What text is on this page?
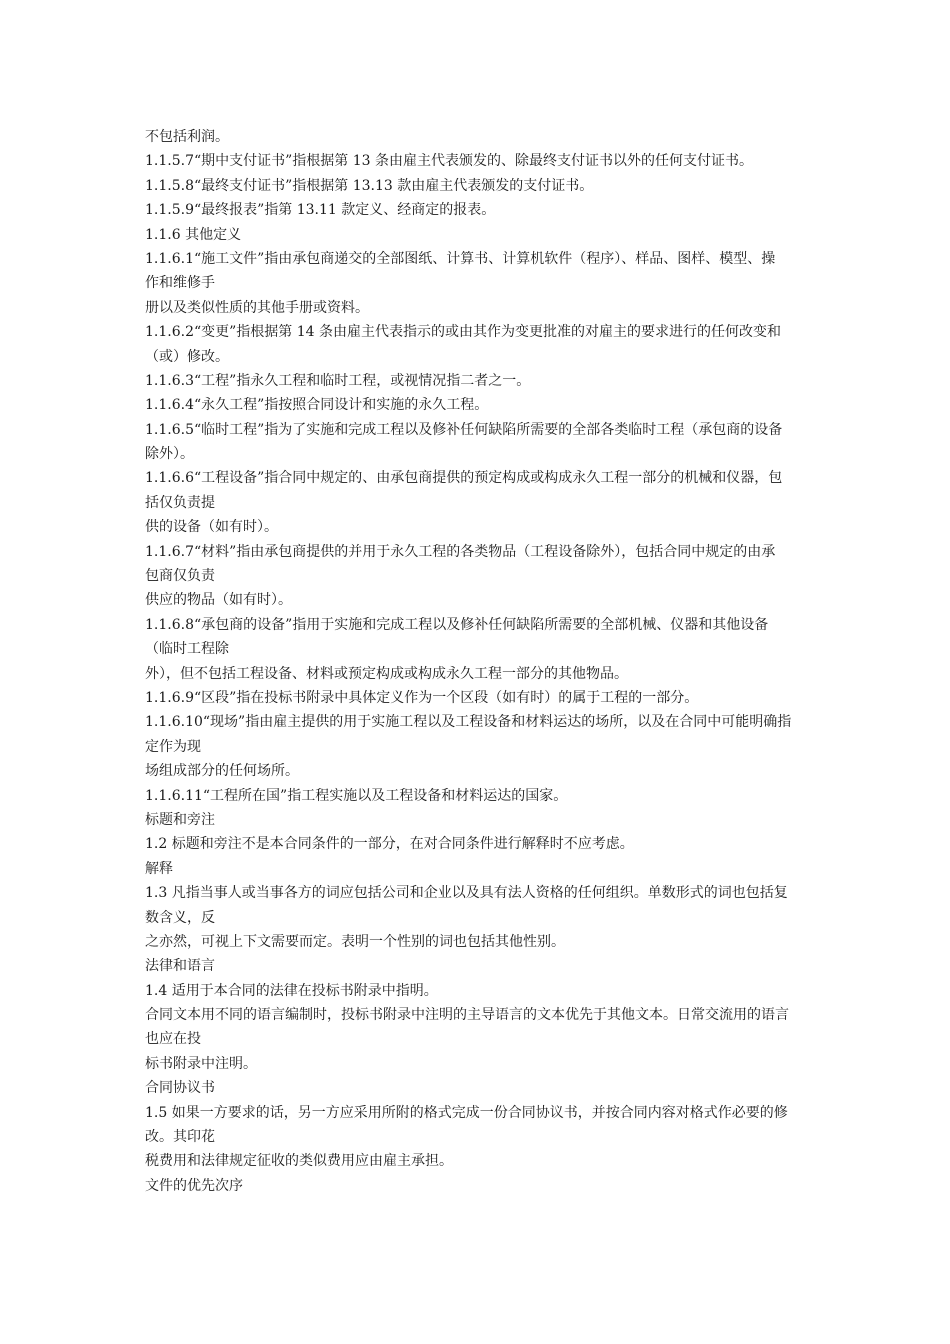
不包括利润。
1.1.5.7“期中支付证书”指根据第 13 条由雇主代表颁发的、除最终支付证书以外的任何支付证书。
1.1.5.8“最终支付证书”指根据第 13.13 款由雇主代表颁发的支付证书。
1.1.5.9“最终报表”指第 13.11 款定义、经商定的报表。
1.1.6 其他定义
1.1.6.1“施工文件”指由承包商递交的全部图纸、计算书、计算机软件（程序）、样品、图样、模型、操
作和维修手
册以及类似性质的其他手册或资料。
1.1.6.2“变更”指根据第 14 条由雇主代表指示的或由其作为变更批准的对雇主的要求进行的任何改变和
（或）修改。
1.1.6.3“工程”指永久工程和临时工程，或视情况指二者之一。
1.1.6.4“永久工程”指按照合同设计和实施的永久工程。
1.1.6.5“临时工程”指为了实施和完成工程以及修补任何缺陷所需要的全部各类临时工程（承包商的设备
除外）。
1.1.6.6“工程设备”指合同中规定的、由承包商提供的预定构成或构成永久工程一部分的机械和仪器，包
括仅负责提
供的设备（如有时）。
1.1.6.7“材料”指由承包商提供的并用于永久工程的各类物品（工程设备除外），包括合同中规定的由承
包商仅负责
供应的物品（如有时）。
1.1.6.8“承包商的设备”指用于实施和完成工程以及修补任何缺陷所需要的全部机械、仪器和其他设备
（临时工程除
外），但不包括工程设备、材料或预定构成或构成永久工程一部分的其他物品。
1.1.6.9“区段”指在投标书附录中具体定义作为一个区段（如有时）的属于工程的一部分。
1.1.6.10“现场”指由雇主提供的用于实施工程以及工程设备和材料运达的场所，以及在合同中可能明确指
定作为现
场组成部分的任何场所。
1.1.6.11“工程所在国”指工程实施以及工程设备和材料运达的国家。
标题和旁注
1.2 标题和旁注不是本合同条件的一部分，在对合同条件进行解释时不应考虑。
解释
1.3 凡指当事人或当事各方的词应包括公司和企业以及具有法人资格的任何组织。单数形式的词也包括复
数含义，反
之亦然，可视上下文需要而定。表明一个性别的词也包括其他性别。
法律和语言
1.4 适用于本合同的法律在投标书附录中指明。
合同文本用不同的语言编制时，投标书附录中注明的主导语言的文本优先于其他文本。日常交流用的语言
也应在投
标书附录中注明。
合同协议书
1.5 如果一方要求的话，另一方应采用所附的格式完成一份合同协议书，并按合同内容对格式作必要的修
改。其印花
税费用和法律规定征收的类似费用应由雇主承担。
文件的优先次序
